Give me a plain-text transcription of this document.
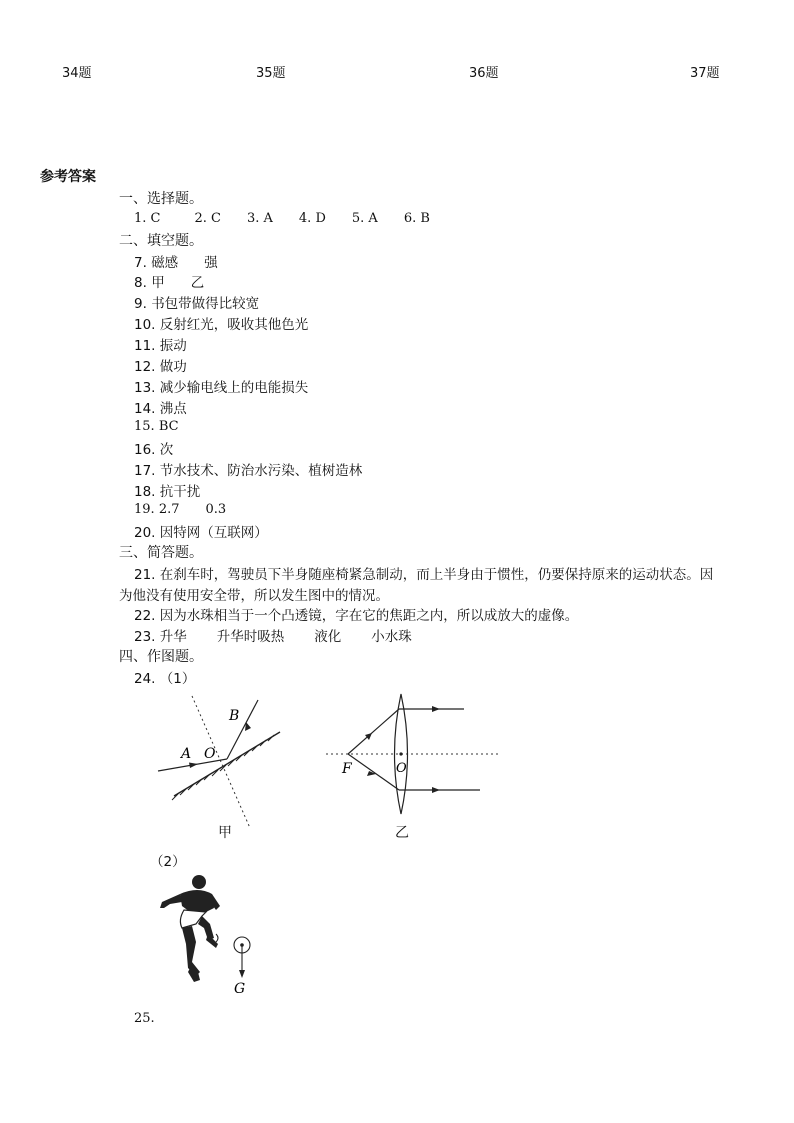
34题	35题	36题	37题
参考答案
一、选择题。
1. C	2. C 3. A 4. D 5. A 6. B
二、填空题。
7. 磁感 强
8. 甲 乙
9. 书包带做得比较宽
10. 反射红光，吸收其他色光
11. 振动
12. 做功
13. 减少输电线上的电能损失
14. 沸点
15. BC
16. 次
17. 节水技术、防治水污染、植树造林
18. 抗干扰
19. 2.7 0.3
20. 因特网（互联网）
三、简答题。
21. 在刹车时，驾驶员下半身随座椅紧急制动，而上半身由于惯性，仍要保持原来的运动状态。因
为他没有使用安全带，所以发生图中的情况。
22. 因为水珠相当于一个凸透镜，字在它的焦距之内，所以成放大的虚像。
23. 升华 升华时吸热 液化 小水珠
四、作图题。
24. （1）
A O
B
甲
F	O
乙
（2）
G
25.
